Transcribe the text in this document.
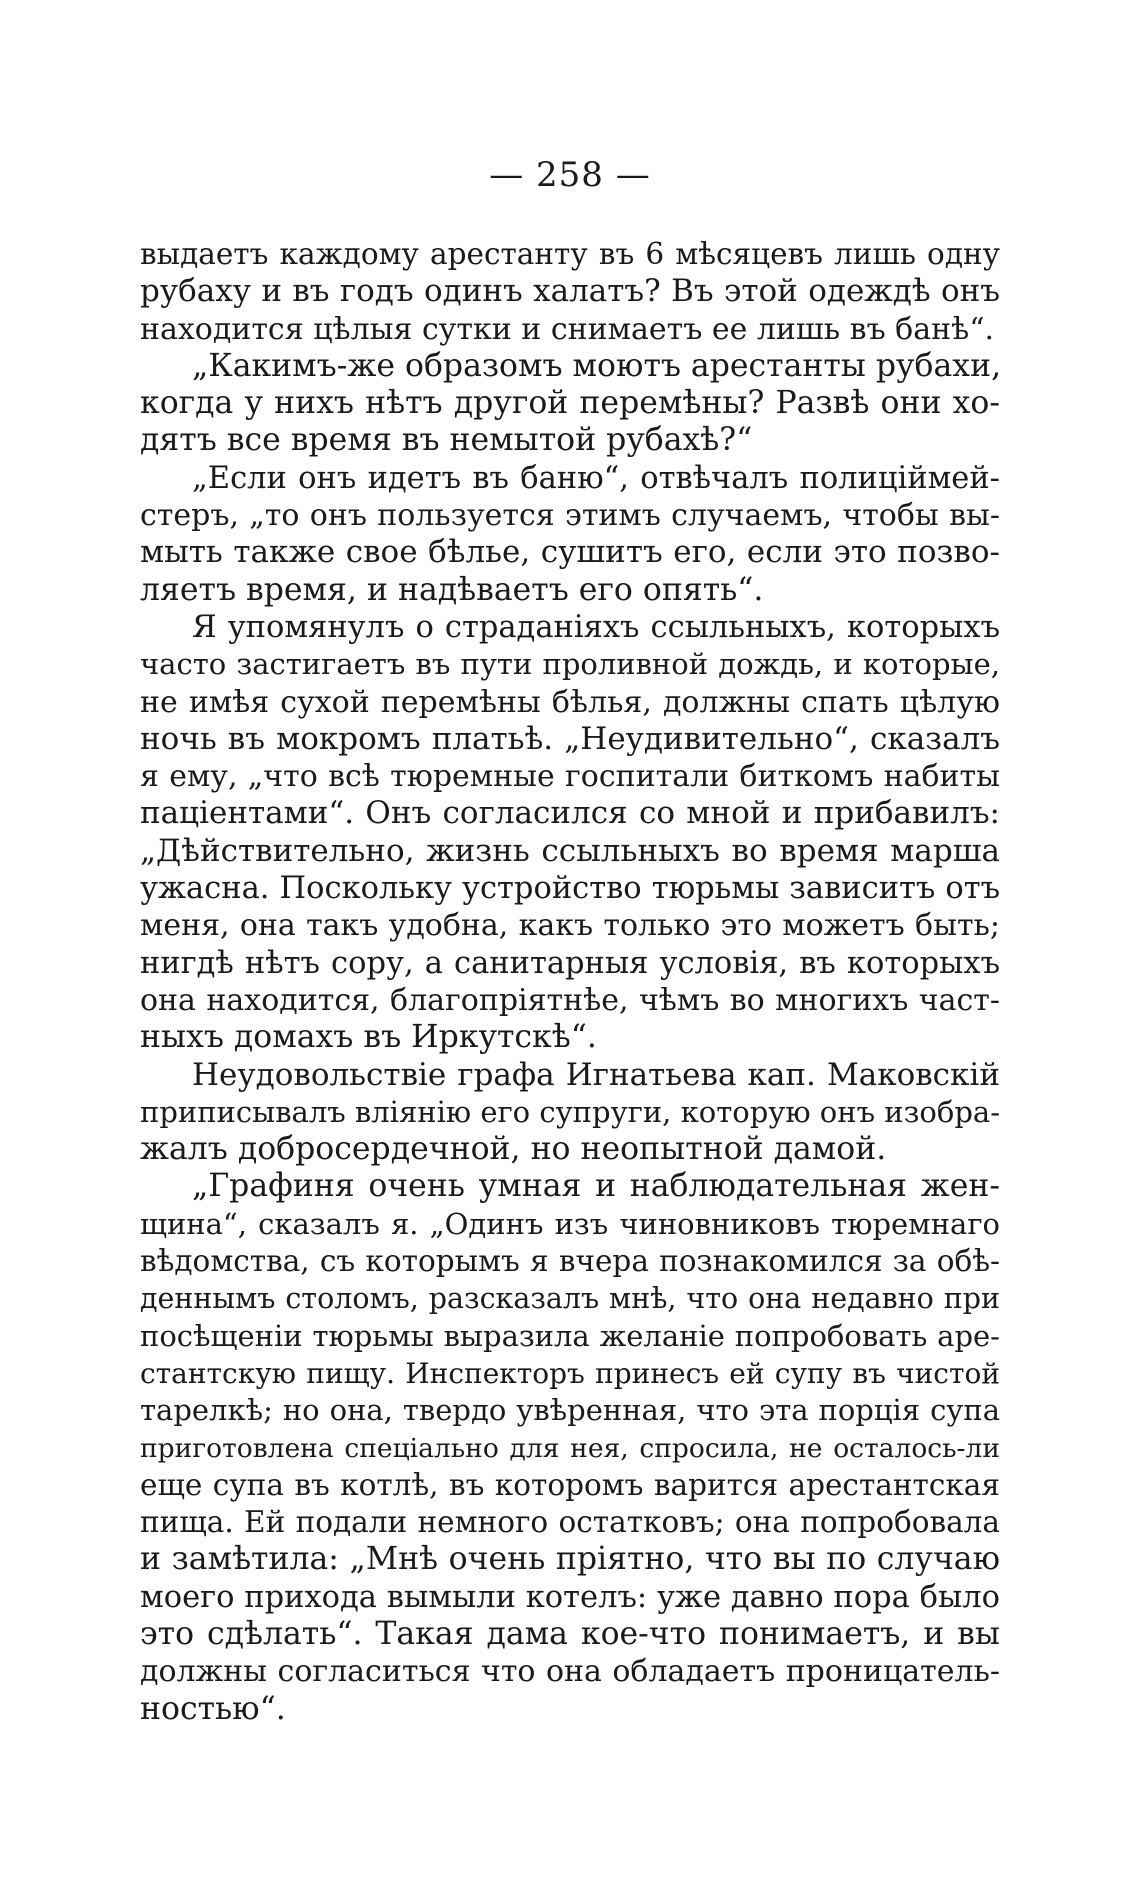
— 258 —
выдаетъ каждому арестанту въ 6 мѣсяцевъ лишь одну
рубаху и въ годъ одинъ халатъ? Въ этой одеждѣ онъ
находится цѣлыя сутки и снимаетъ ее лишь въ банѣ“.
„Какимъ-же образомъ моютъ арестанты рубахи,
когда у нихъ нѣтъ другой перемѣны? Развѣ они хо-
дятъ все время въ немытой рубахѣ?“
„Если онъ идетъ въ баню“, отвѣчалъ полиціймей-
стеръ, „то онъ пользуется этимъ случаемъ, чтобы вы-
мыть также свое бѣлье, сушитъ его, если это позво-
ляетъ время, и надѣваетъ его опять“.
Я упомянулъ о страданіяхъ ссыльныхъ, которыхъ
часто застигаетъ въ пути проливной дождь, и которые,
не имѣя сухой перемѣны бѣлья, должны спать цѣлую
ночь въ мокромъ платьѣ. „Неудивительно“, сказалъ
я ему, „что всѣ тюремные госпитали биткомъ набиты
паціентами“. Онъ согласился со мной и прибавилъ:
„Дѣйствительно, жизнь ссыльныхъ во время марша
ужасна. Поскольку устройство тюрьмы зависитъ отъ
меня, она такъ удобна, какъ только это можетъ быть;
нигдѣ нѣтъ сору, а санитарныя условія, въ которыхъ
она находится, благопріятнѣе, чѣмъ во многихъ част-
ныхъ домахъ въ Иркутскѣ“.
Неудовольствіе графа Игнатьева кап. Маковскій
приписывалъ вліянію его супруги, которую онъ изобра-
жалъ добросердечной, но неопытной дамой.
„Графиня очень умная и наблюдательная жен-
щина“, сказалъ я. „Одинъ изъ чиновниковъ тюремнаго
вѣдомства, съ которымъ я вчера познакомился за обѣ-
деннымъ столомъ, разсказалъ мнѣ, что она недавно при
посѣщеніи тюрьмы выразила желаніе попробовать аре-
стантскую пищу. Инспекторъ принесъ ей супу въ чистой
тарелкѣ; но она, твердо увѣренная, что эта порція супа
приготовлена спеціально для нея, спросила, не осталось-ли
еще супа въ котлѣ, въ которомъ варится арестантская
пища. Ей подали немного остатковъ; она попробовала
и замѣтила: „Мнѣ очень пріятно, что вы по случаю
моего прихода вымыли котелъ: уже давно пора было
это сдѣлать“. Такая дама кое-что понимаетъ, и вы
должны согласиться что она обладаетъ проницатель-
ностью“.
